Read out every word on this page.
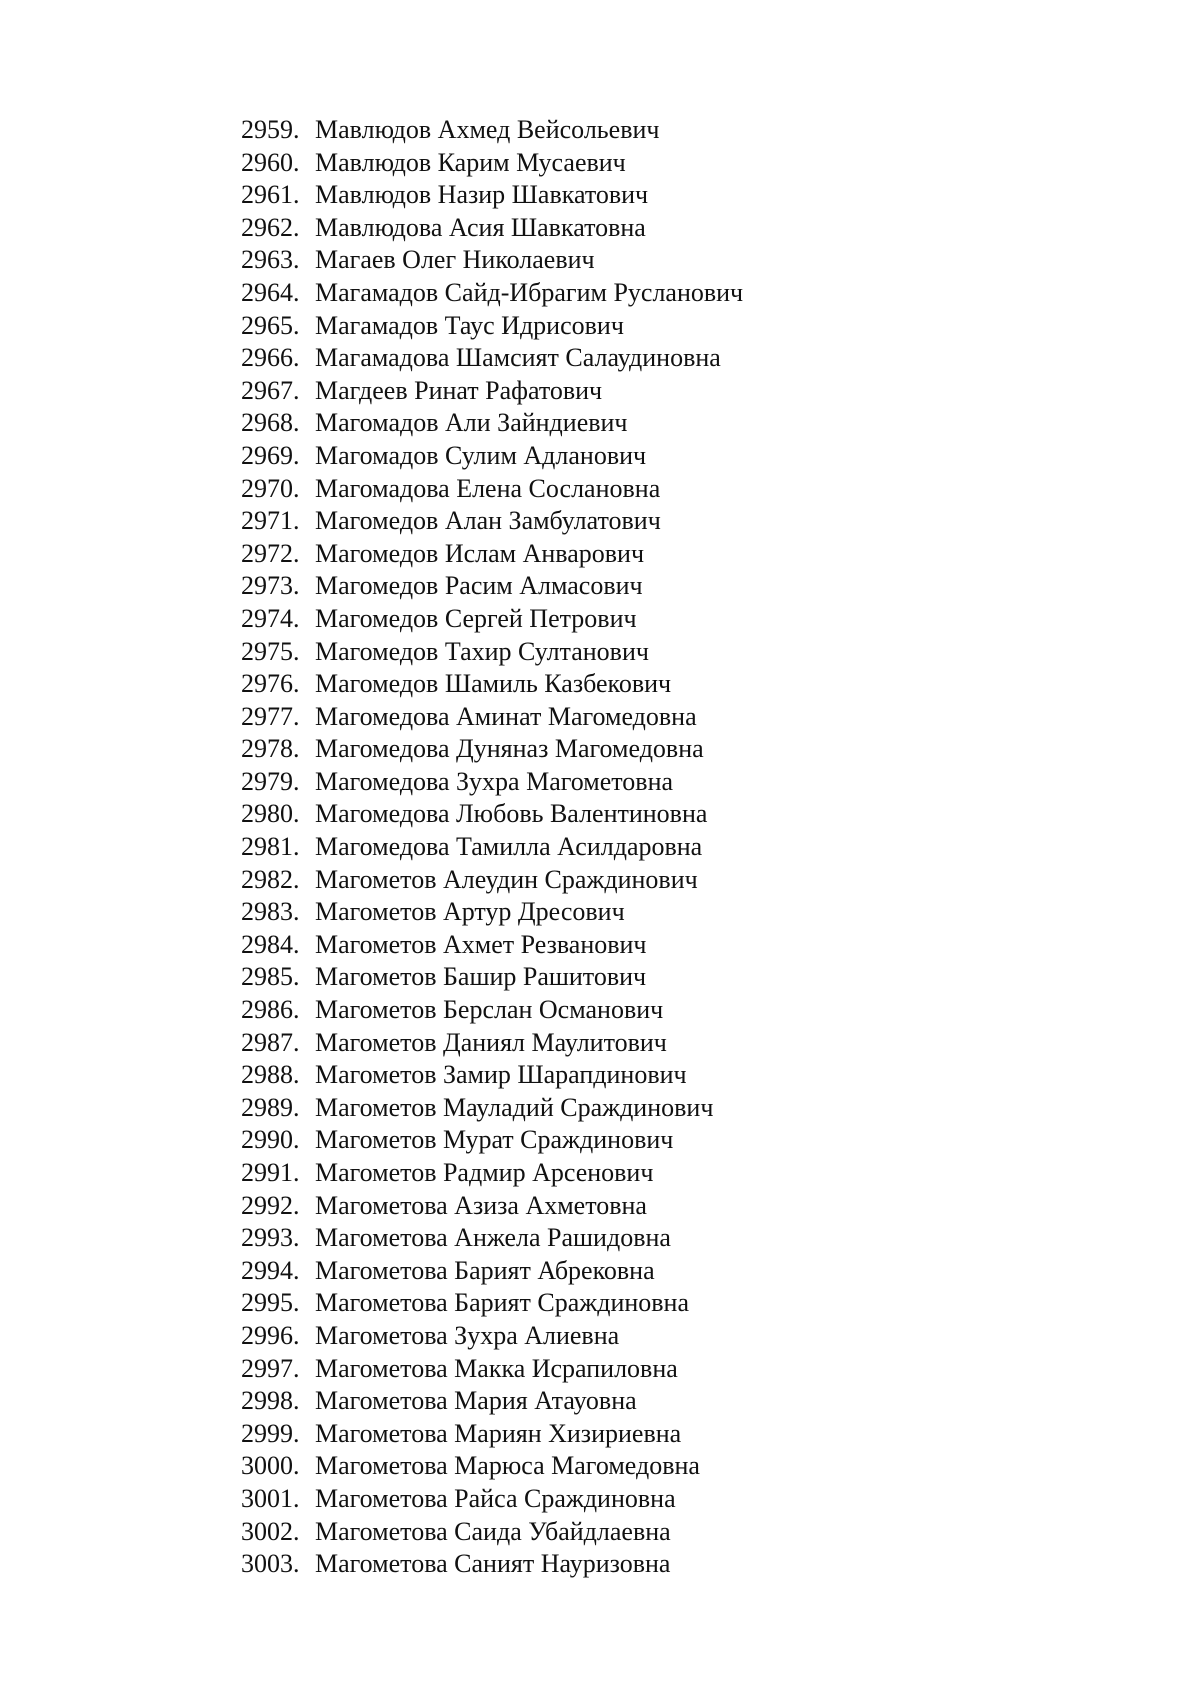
2959. Мавлюдов Ахмед Вейсольевич
2960. Мавлюдов Карим Мусаевич
2961. Мавлюдов Назир Шавкатович
2962. Мавлюдова Асия Шавкатовна
2963. Магаев Олег Николаевич
2964. Магамадов Сайд-Ибрагим Русланович
2965. Магамадов Таус Идрисович
2966. Магамадова Шамсият Салаудиновна
2967. Магдеев Ринат Рафатович
2968. Магомадов Али Зайндиевич
2969. Магомадов Сулим Адланович
2970. Магомадова Елена Сослановна
2971. Магомедов Алан Замбулатович
2972. Магомедов Ислам Анварович
2973. Магомедов Расим Алмасович
2974. Магомедов Сергей Петрович
2975. Магомедов Тахир Султанович
2976. Магомедов Шамиль Казбекович
2977. Магомедова Аминат Магомедовна
2978. Магомедова Дуняназ Магомедовна
2979. Магомедова Зухра Магометовна
2980. Магомедова Любовь Валентиновна
2981. Магомедова Тамилла Асилдаровна
2982. Магометов Алеудин Сраждинович
2983. Магометов Артур Дресович
2984. Магометов Ахмет Резванович
2985. Магометов Башир Рашитович
2986. Магометов Берслан Османович
2987. Магометов Даниял Маулитович
2988. Магометов Замир Шарапдинович
2989. Магометов Мауладий Сраждинович
2990. Магометов Мурат Сраждинович
2991. Магометов Радмир Арсенович
2992. Магометова Азиза Ахметовна
2993. Магометова Анжела Рашидовна
2994. Магометова Барият Абрековна
2995. Магометова Барият Сраждиновна
2996. Магометова Зухра Алиевна
2997. Магометова Макка Исрапиловна
2998. Магометова Мария Атауовна
2999. Магометова Мариян Хизириевна
3000. Магометова Марюса Магомедовна
3001. Магометова Райса Сраждиновна
3002. Магометова Саида Убайдлаевна
3003. Магометова Саният Науризовна
